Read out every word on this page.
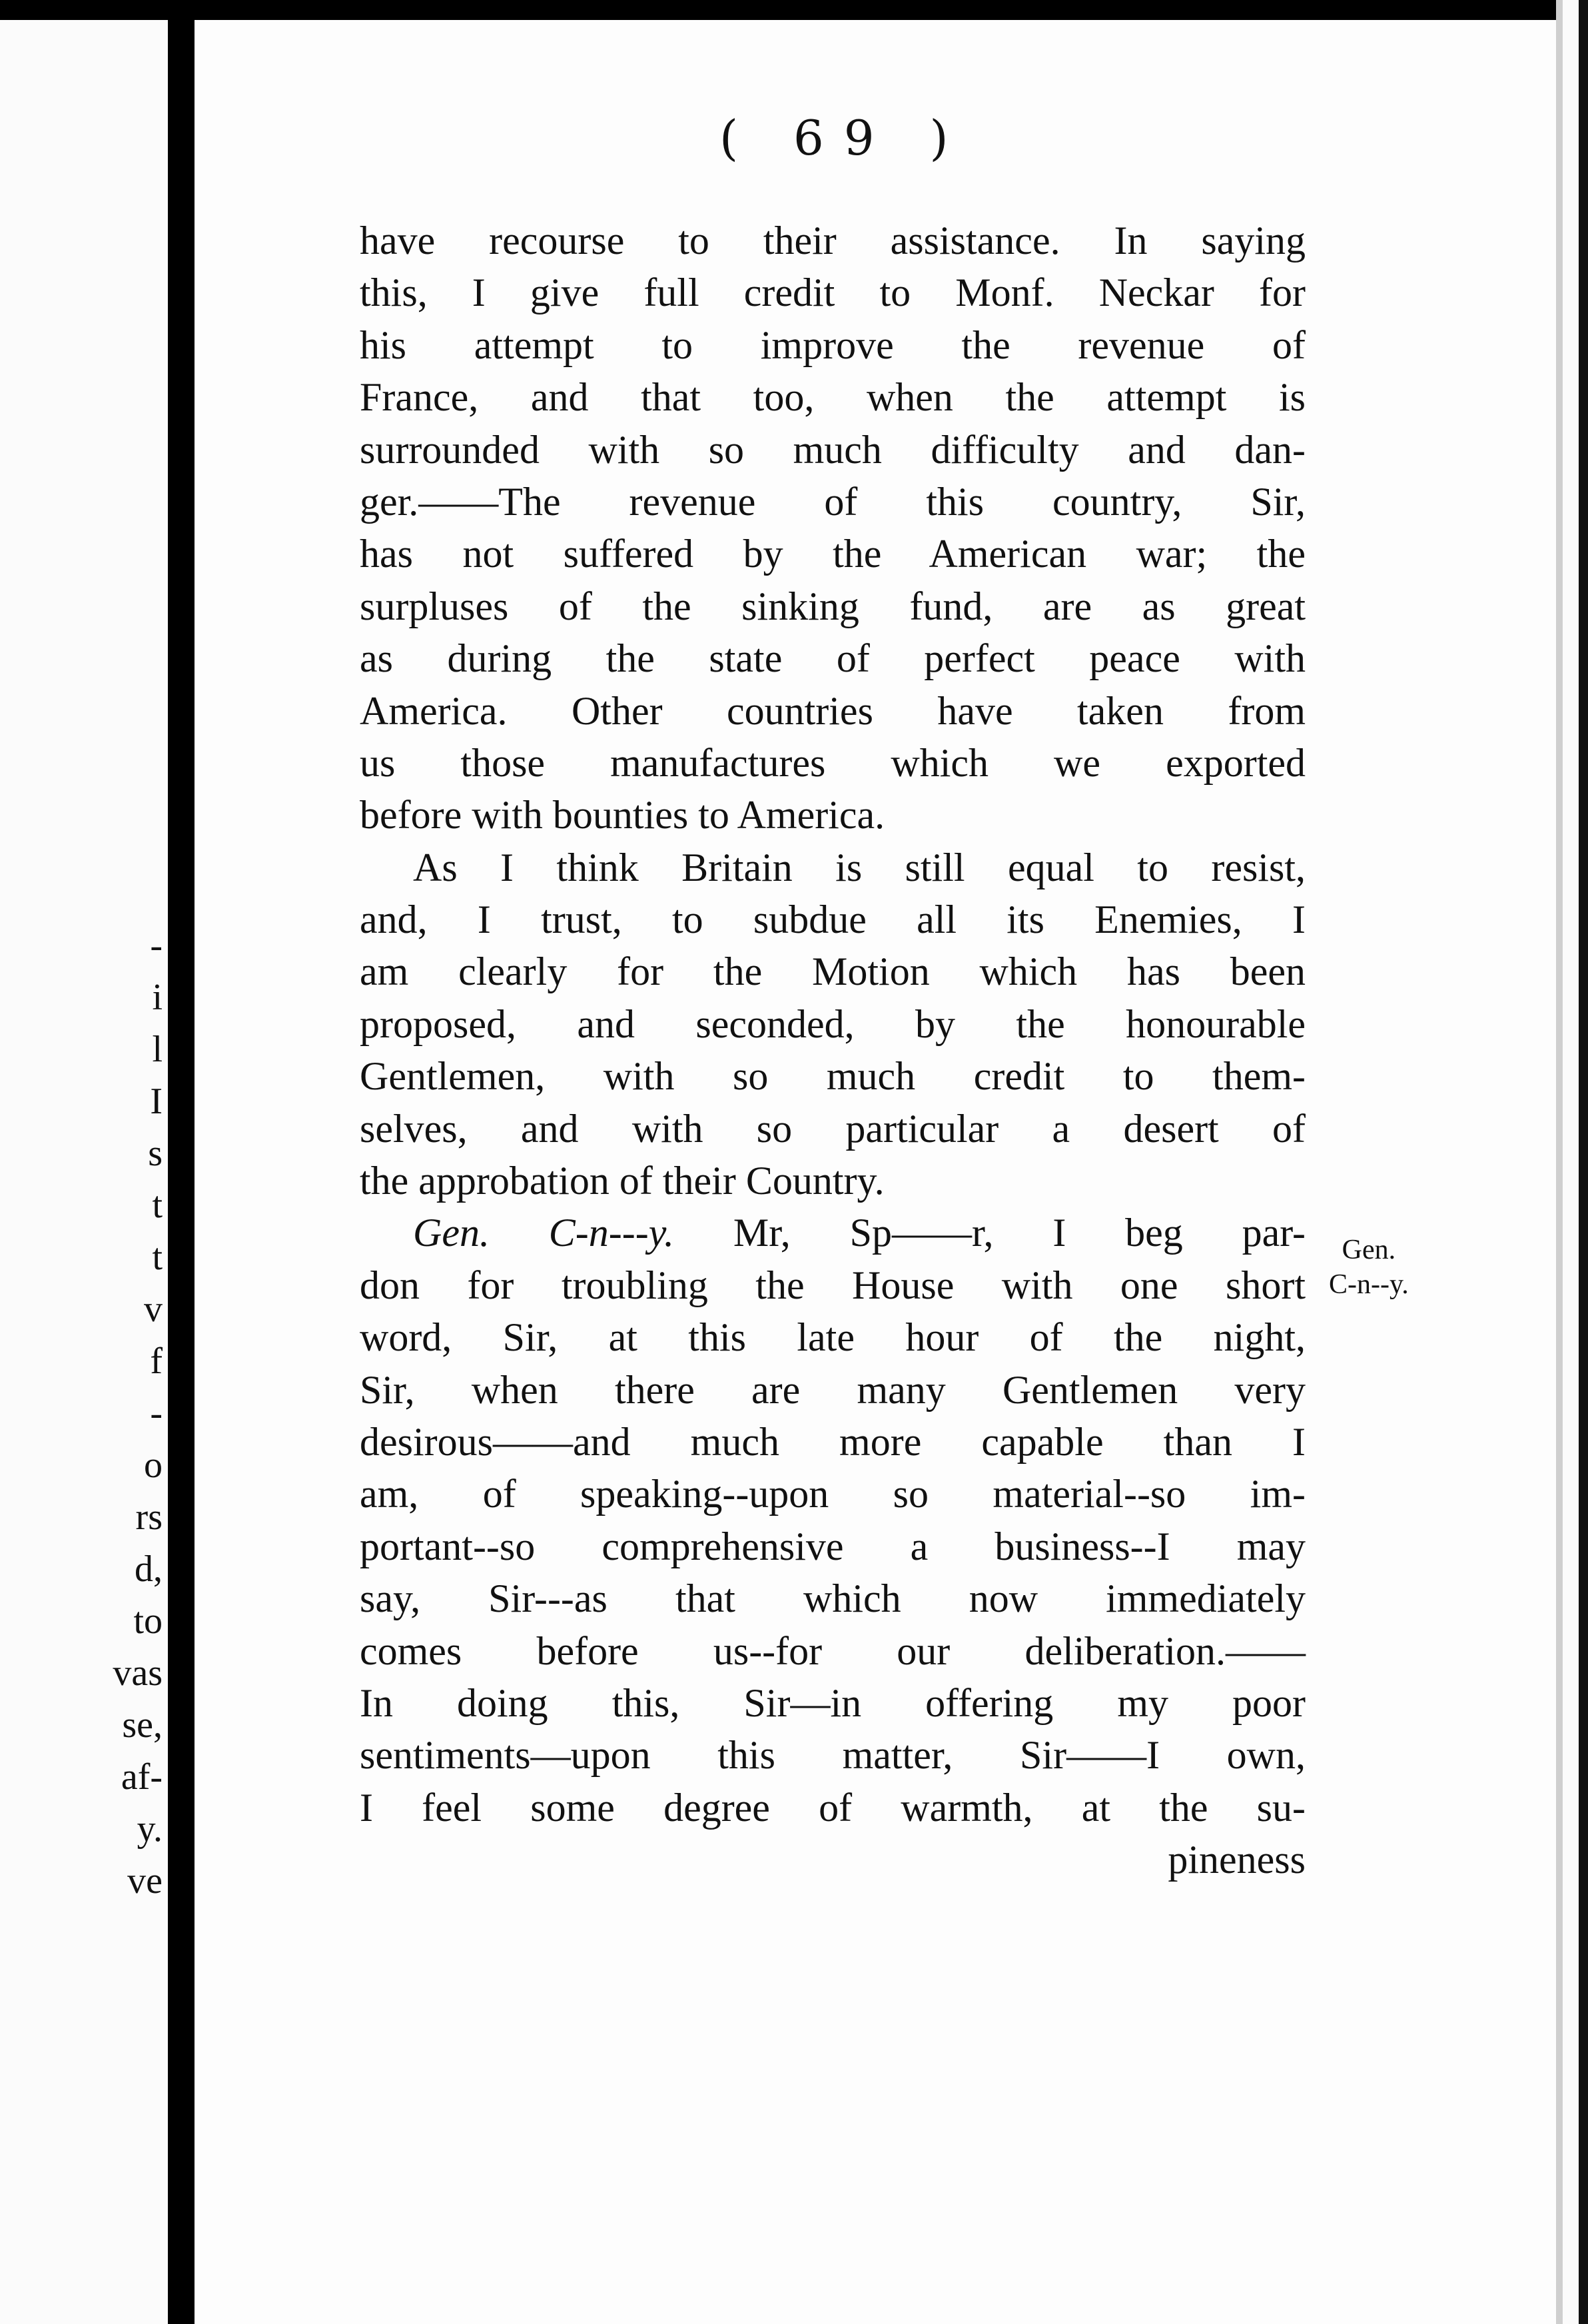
( 69 )
have recourse to their assistance. In saying
this, I give full credit to Monf. Neckar for
his attempt to improve the revenue of
France, and that too, when the attempt is
surrounded with so much difficulty and dan-
ger.——The revenue of this country, Sir,
has not suffered by the American war; the
surpluses of the sinking fund, are as great
as during the state of perfect peace with
America. Other countries have taken from
us those manufactures which we exported
before with bounties to America.
As I think Britain is still equal to resist,
and, I trust, to subdue all its Enemies, I
am clearly for the Motion which has been
proposed, and seconded, by the honourable
Gentlemen, with so much credit to them-
selves, and with so particular a desert of
the approbation of their Country.
Gen. C-n---y. Mr, Sp——r, I beg par-
don for troubling the House with one short
word, Sir, at this late hour of the night,
Sir, when there are many Gentlemen very
desirous——and much more capable than I
am, of speaking--upon so material--so im-
portant--so comprehensive a business--I may
say, Sir---as that which now immediately
comes before us--for our deliberation.——
In doing this, Sir—in offering my poor
sentiments—upon this matter, Sir——I own,
I feel some degree of warmth, at the su-
pineness
Gen.
C-n--y.
-
i
l
I
s
t
t
v
f
-
o
rs
d,
to
vas
se,
af-
y.
ve
